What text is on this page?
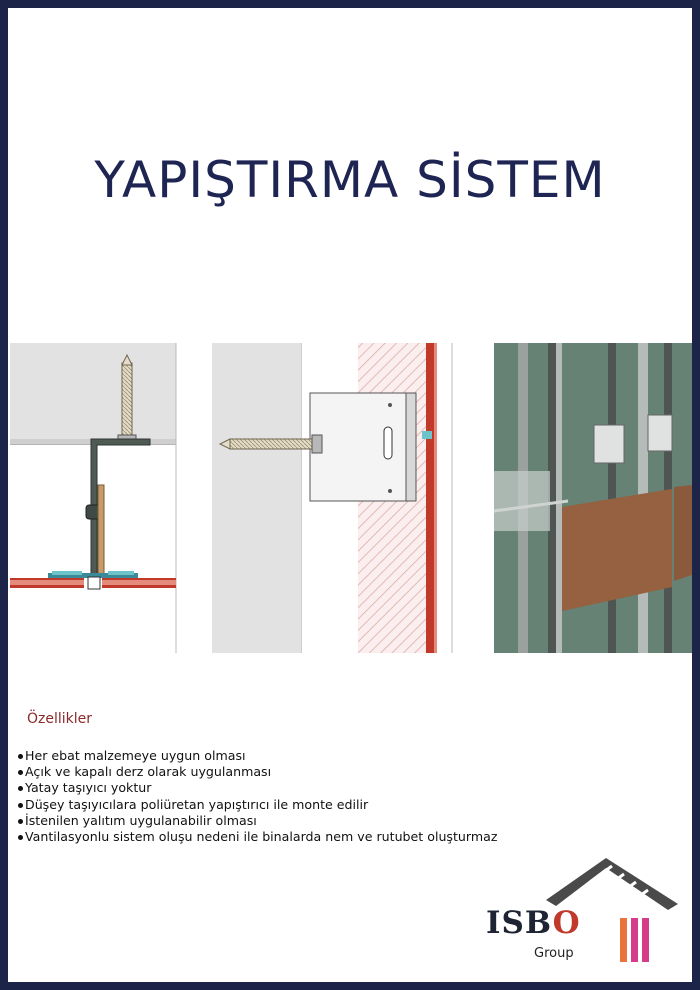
YAPIŞTIRMA SİSTEM
Özellikler
Her ebat malzemeye uygun olması
Açık ve kapalı derz olarak uygulanması
Yatay taşıyıcı yoktur
Düşey taşıyıcılara poliüretan yapıştırıcı ile monte edilir
İstenilen yalıtım uygulanabilir olması
Vantilasyonlu sistem oluşu nedeni ile binalarda nem ve rutubet oluşturmaz
ISBO
Group
